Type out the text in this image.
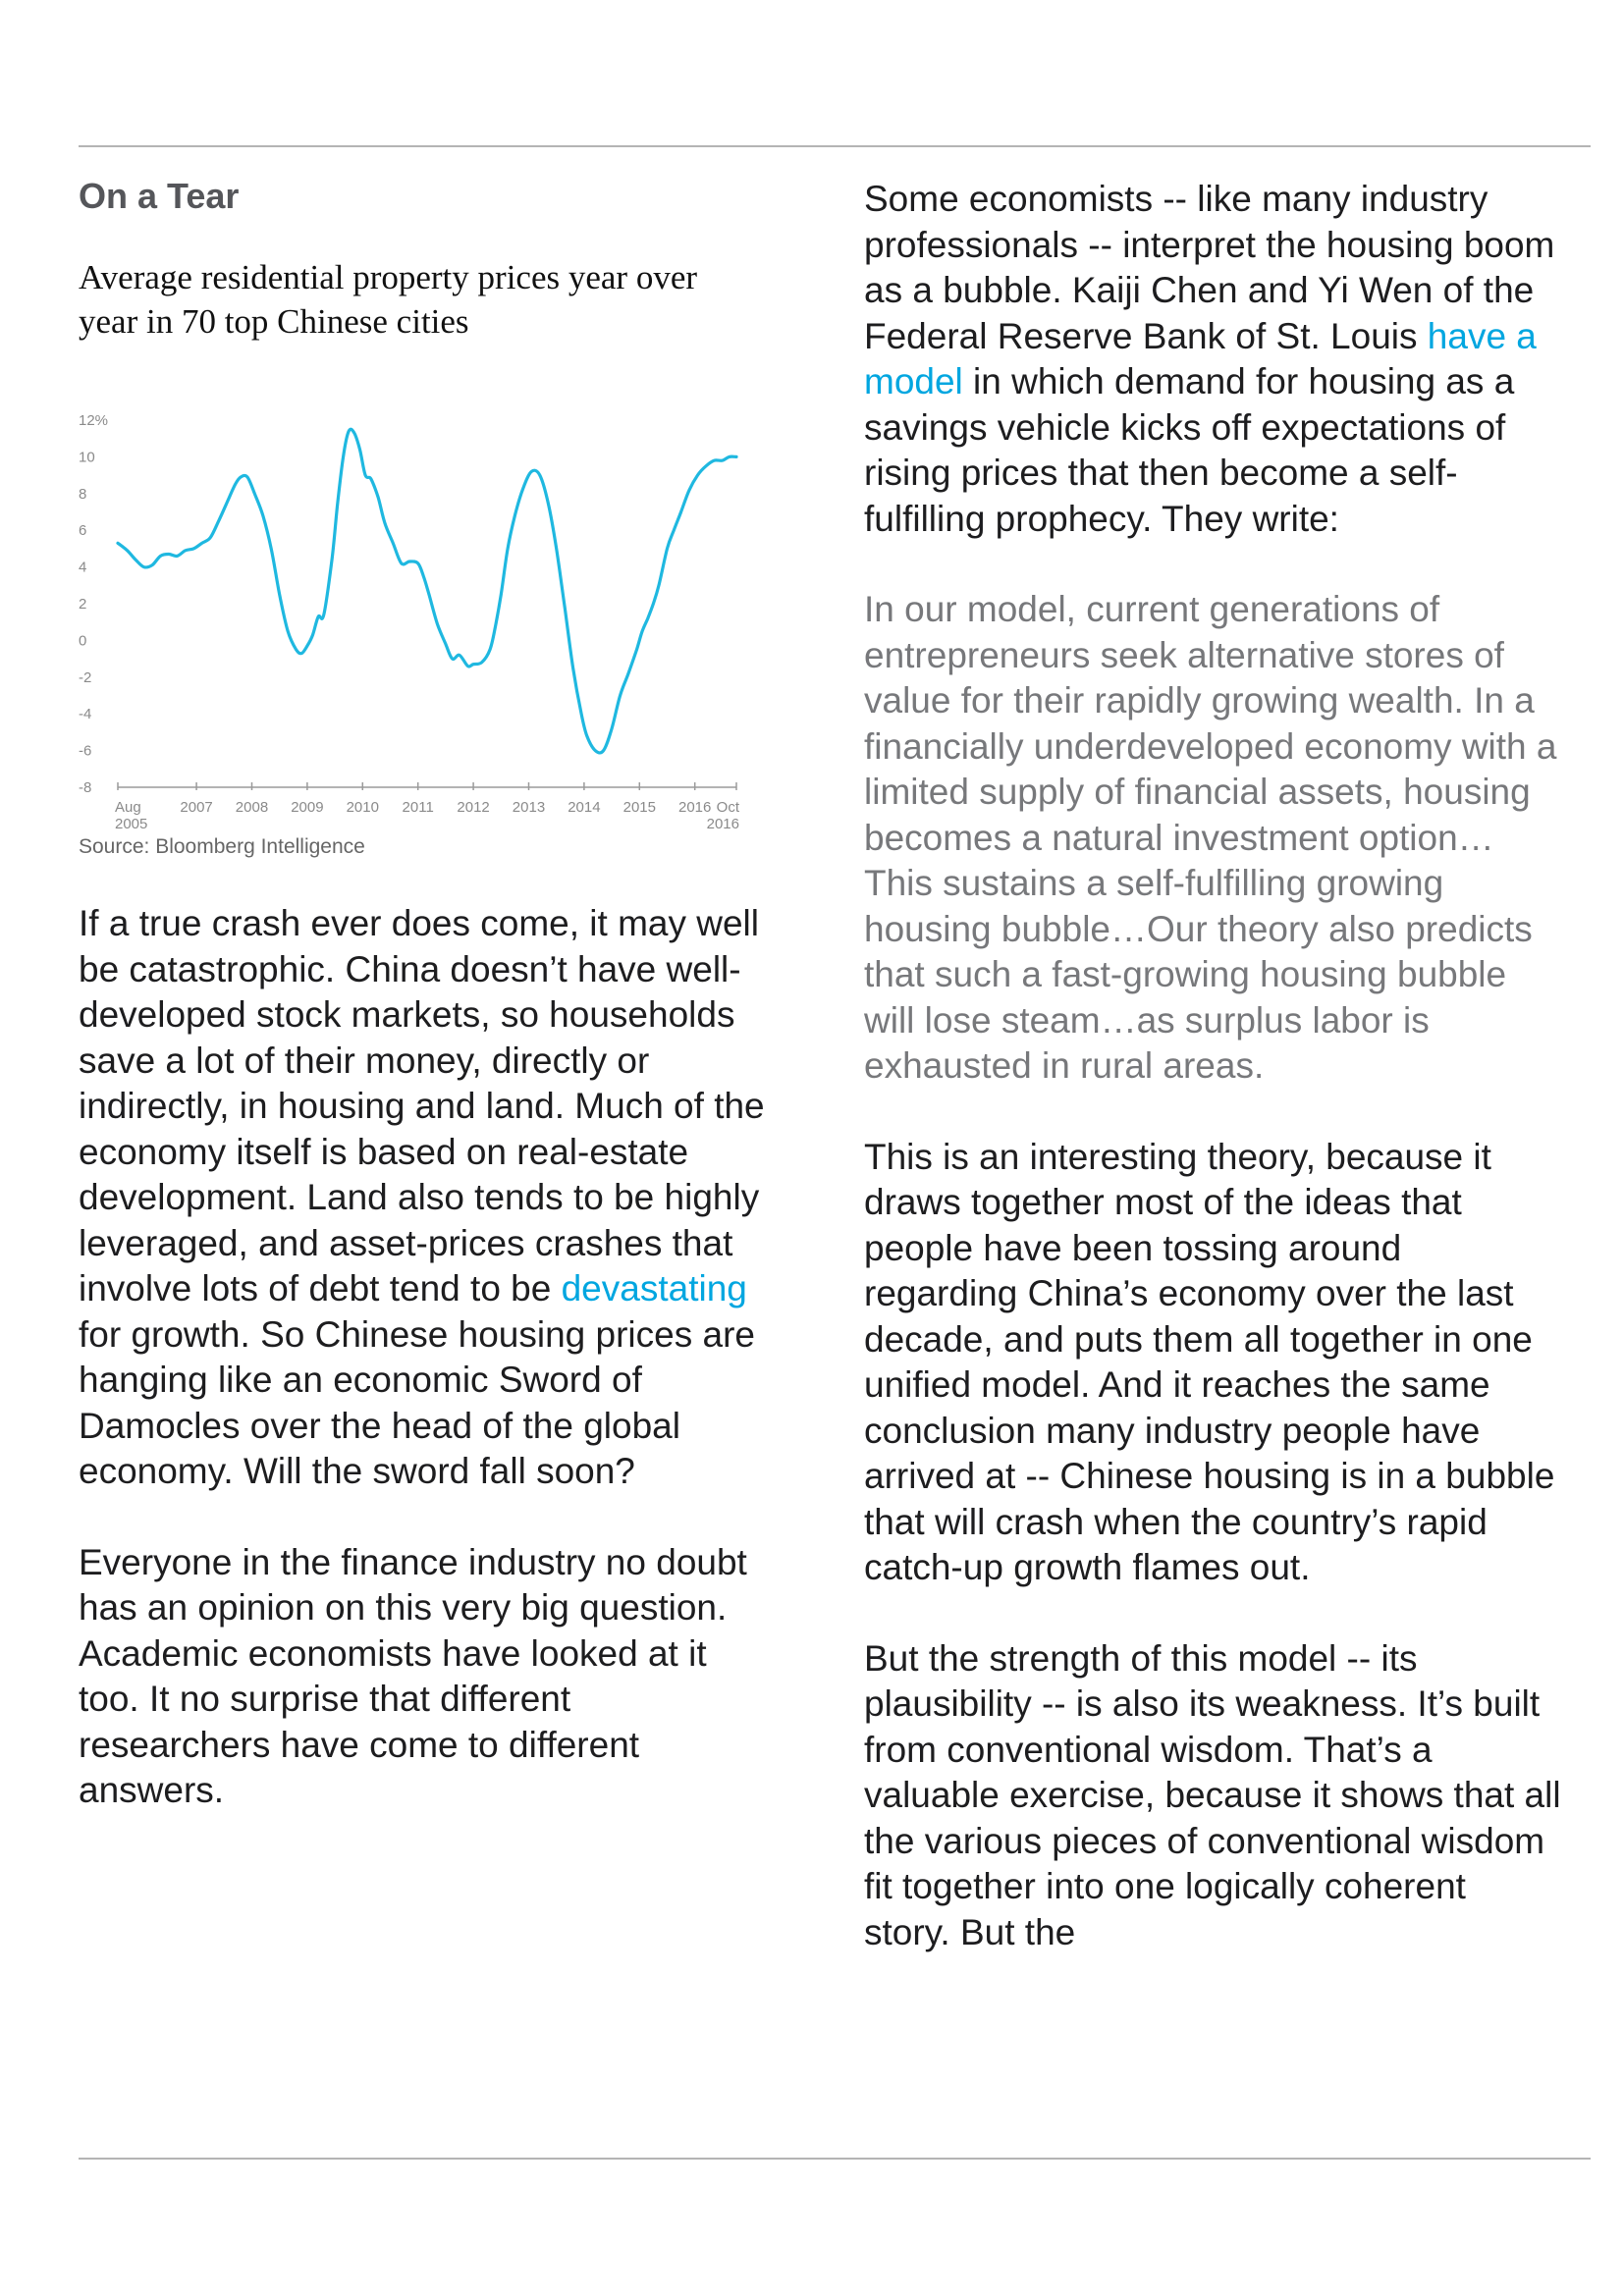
On a Tear

Average residential property prices year over year in 70 top Chinese cities

12%
10
8
6
4
2
0
-2
-4
-6
-8
Aug
2005
2007 2008 2009 2010 2011 2012 2013 2014 2015 2016 Oct
2016
Source: Bloomberg Intelligence

If a true crash ever does come, it may well be catastrophic. China doesn’t have well-developed stock markets, so households save a lot of their money, directly or indirectly, in housing and land. Much of the economy itself is based on real-estate development. Land also tends to be highly leveraged, and asset-prices crashes that involve lots of debt tend to be devastating for growth. So Chinese housing prices are hanging like an economic Sword of Damocles over the head of the global economy. Will the sword fall soon?

Everyone in the finance industry no doubt has an opinion on this very big question. Academic economists have looked at it too. It no surprise that different researchers have come to different answers.

Some economists -- like many industry professionals -- interpret the housing boom as a bubble. Kaiji Chen and Yi Wen of the Federal Reserve Bank of St. Louis have a model in which demand for housing as a savings vehicle kicks off expectations of rising prices that then become a self-fulfilling prophecy. They write:

In our model, current generations of entrepreneurs seek alternative stores of value for their rapidly growing wealth. In a financially underdeveloped economy with a limited supply of financial assets, housing becomes a natural investment option…This sustains a self-fulfilling growing housing bubble…Our theory also predicts that such a fast-growing housing bubble will lose steam…as surplus labor is exhausted in rural areas.

This is an interesting theory, because it draws together most of the ideas that people have been tossing around regarding China’s economy over the last decade, and puts them all together in one unified model. And it reaches the same conclusion many industry people have arrived at -- Chinese housing is in a bubble that will crash when the country’s rapid catch-up growth flames out.

But the strength of this model -- its plausibility -- is also its weakness. It’s built from conventional wisdom. That’s a valuable exercise, because it shows that all the various pieces of conventional wisdom fit together into one logically coherent story. But the
